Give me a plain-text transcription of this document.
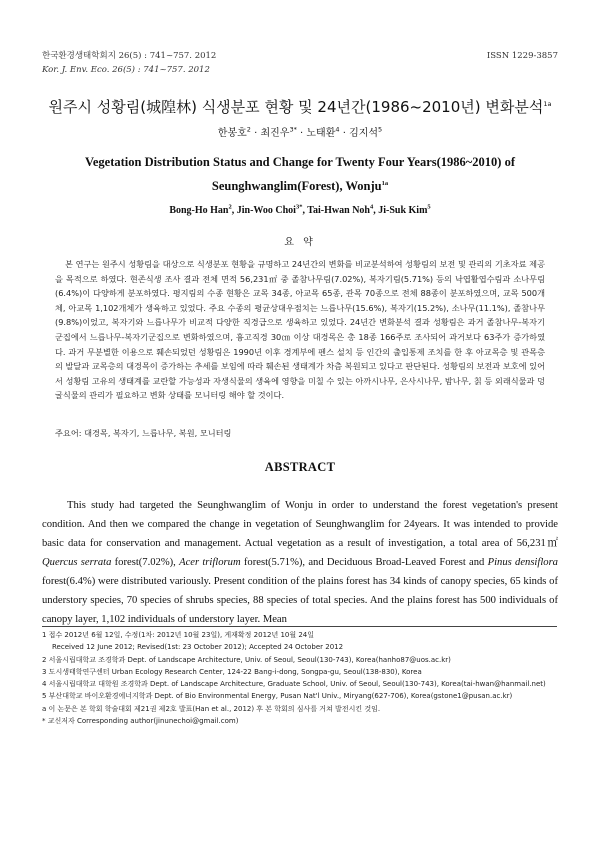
한국환경생태학회지 26(5) : 741~757. 2012	ISSN 1229-3857
Kor. J. Env. Eco. 26(5) : 741~757. 2012
원주시 성황림(城隍林) 식생분포 현황 및 24년간(1986~2010년) 변화분석$^{1a}$
한봉호$^2$ · 최진우$^{3*}$ · 노태환$^4$ · 김지석$^5$
Vegetation Distribution Status and Change for Twenty Four Years(1986~2010) of
Seunghwanglim(Forest), Wonju$^{1a}$
Bong-Ho Han$^2$, Jin-Woo Choi$^{3*}$, Tai-Hwan Noh$^4$, Ji-Suk Kim$^5$
요 약

본 연구는 원주시 성황림을 대상으로 식생분포 현황을 규명하고 24년간의 변화를 비교분석하여 성황림의 보전 및 관리의 기초자료 제공을 목적으로 하였다. 현존식생 조사 결과 전체 면적 56,231㎡ 중 졸참나무림(7.02%), 복자기림(5.71%) 등의 낙엽활엽수림과 소나무림(6.4%)이 다양하게 분포하였다. 평지림의 수종 현황은 교목 34종, 아교목 65종, 관목 70종으로 전체 88종이 분포하였으며, 교목 500개체, 아교목 1,102개체가 생육하고 있었다. 주요 수종의 평균상대우점치는 느릅나무(15.6%), 복자기(15.2%), 소나무(11.1%), 졸참나무(9.8%)이었고, 복자기와 느릅나무가 비교적 다양한 직경급으로 생육하고 있었다. 24년간 변화분석 결과 성황림은 과거 졸참나무-복자기군집에서 느릅나무-복자기군집으로 변화하였으며, 흉고직경 30㎝ 이상 대경목은 총 18종 166주로 조사되어 과거보다 63주가 증가하였다. 과거 무분별한 이용으로 훼손되었던 성황림은 1990년 이후 경계부에 펜스 설치 등 인간의 출입통제 조치를 한 후 아교목층 및 관목층의 발달과 교목층의 대경목이 증가하는 추세를 보임에 따라 훼손된 생태계가 차츰 복원되고 있다고 판단된다. 성황림의 보전과 보호에 있어서 성황림 고유의 생태계를 교란할 가능성과 자생식물의 생육에 영향을 미칠 수 있는 아까시나무, 은사시나무, 밤나무, 칡 등 외래식물과 덩굴식물의 관리가 필요하고 변화 상태를 모니터링 해야 할 것이다.

주요어: 대경목, 복자기, 느릅나무, 복원, 모니터링
ABSTRACT

This study had targeted the Seunghwanglim of Wonju in order to understand the forest vegetation's present condition. And then we compared the change in vegetation of Seunghwanglim for 24years. It was intended to provide basic data for conservation and management. Actual vegetation as a result of investigation, a total area of 56,231㎡ Quercus serrata forest(7.02%), Acer triflorum forest(5.71%), and Deciduous Broad-Leaved Forest and Pinus densiflora forest(6.4%) were distributed variously. Present condition of the plains forest has 34 kinds of canopy species, 65 kinds of understory species, 70 species of shrubs species, 88 species of total species. And the plains forest has 500 individuals of canopy layer, 1,102 individuals of understory layer. Mean

1 접수 2012년 6월 12일, 수정(1차: 2012년 10월 23일), 게재확정 2012년 10월 24일
Received 12 June 2012; Revised(1st: 23 October 2012); Accepted 24 October 2012
2 서울시립대학교 조경학과 Dept. of Landscape Architecture, Univ. of Seoul, Seoul(130-743), Korea(hanho87@uos.ac.kr)
3 도시생태학연구센터 Urban Ecology Research Center, 124-22 Bang-i-dong, Songpa-gu, Seoul(138-830), Korea
4 서울시립대학교 대학원 조경학과 Dept. of Landscape Architecture, Graduate School, Univ. of Seoul, Seoul(130-743), Korea(tai-hwan@hanmail.net)
5 부산대학교 바이오환경에너지학과 Dept. of Bio Environmental Energy, Pusan Nat'l Univ., Miryang(627-706), Korea(gstone1@pusan.ac.kr)
a 이 논문은 본 학회 학술대회 제21권 제2호 발표(Han et al., 2012) 후 본 학회의 심사를 거쳐 발전시킨 것임.
* 교신저자 Corresponding author(jinunechoi@gmail.com)
